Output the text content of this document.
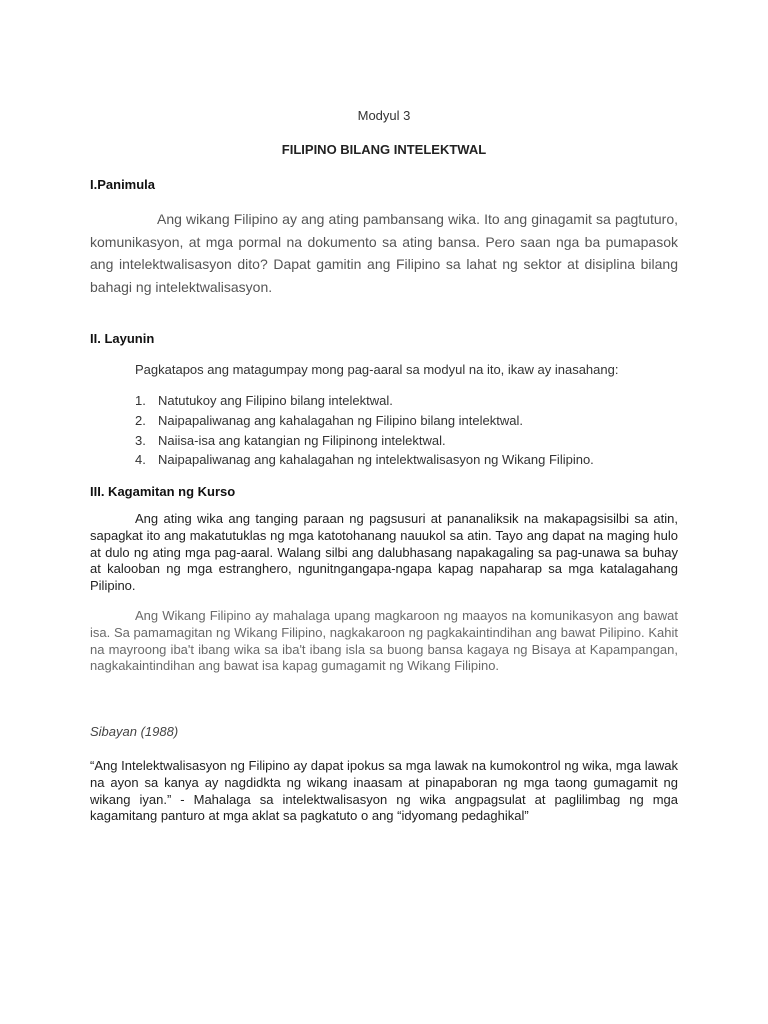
Modyul 3
FILIPINO BILANG INTELEKTWAL
I.Panimula

Ang wikang Filipino ay ang ating pambansang wika. Ito ang ginagamit sa pagtuturo, komunikasyon, at mga pormal na dokumento sa ating bansa. Pero saan nga ba pumapasok ang intelektwalisasyon dito? Dapat gamitin ang Filipino sa lahat ng sektor at disiplina bilang bahagi ng intelektwalisasyon.

II. Layunin
Pagkatapos ang matagumpay mong pag-aaral sa modyul na ito, ikaw ay inasahang:
1. Natutukoy ang Filipino bilang intelektwal.
2. Naipapaliwanag ang kahalagahan ng Filipino bilang intelektwal.
3. Naiisa-isa ang katangian ng Filipinong intelektwal.
4. Naipapaliwanag ang kahalagahan ng intelektwalisasyon ng Wikang Filipino.
III. Kagamitan ng Kurso

Ang ating wika ang tanging paraan ng pagsusuri at pananaliksik na makapagsisilbi sa atin, sapagkat ito ang makatutuklas ng mga katotohanang nauukol sa atin. Tayo ang dapat na maging hulo at dulo ng ating mga pag-aaral. Walang silbi ang dalubhasang napakagaling sa pag-unawa sa buhay at kalooban ng mga estranghero, ngunitngangapa-ngapa kapag napaharap sa mga katalagahang Pilipino.

Ang Wikang Filipino ay mahalaga upang magkaroon ng maayos na komunikasyon ang bawat isa. Sa pamamagitan ng Wikang Filipino, nagkakaroon ng pagkakaintindihan ang bawat Pilipino. Kahit na mayroong iba't ibang wika sa iba't ibang isla sa buong bansa kagaya ng Bisaya at Kapampangan, nagkakaintindihan ang bawat isa kapag gumagamit ng Wikang Filipino.

Sibayan (1988)

“Ang Intelektwalisasyon ng Filipino ay dapat ipokus sa mga lawak na kumokontrol ng wika, mga lawak na ayon sa kanya ay nagdidkta ng wikang inaasam at pinapaboran ng mga taong gumagamit ng wikang iyan.” - Mahalaga sa intelektwalisasyon ng wika angpagsulat at paglilimbag ng mga kagamitang panturo at mga aklat sa pagkatuto o ang “idyomang pedaghikal”
